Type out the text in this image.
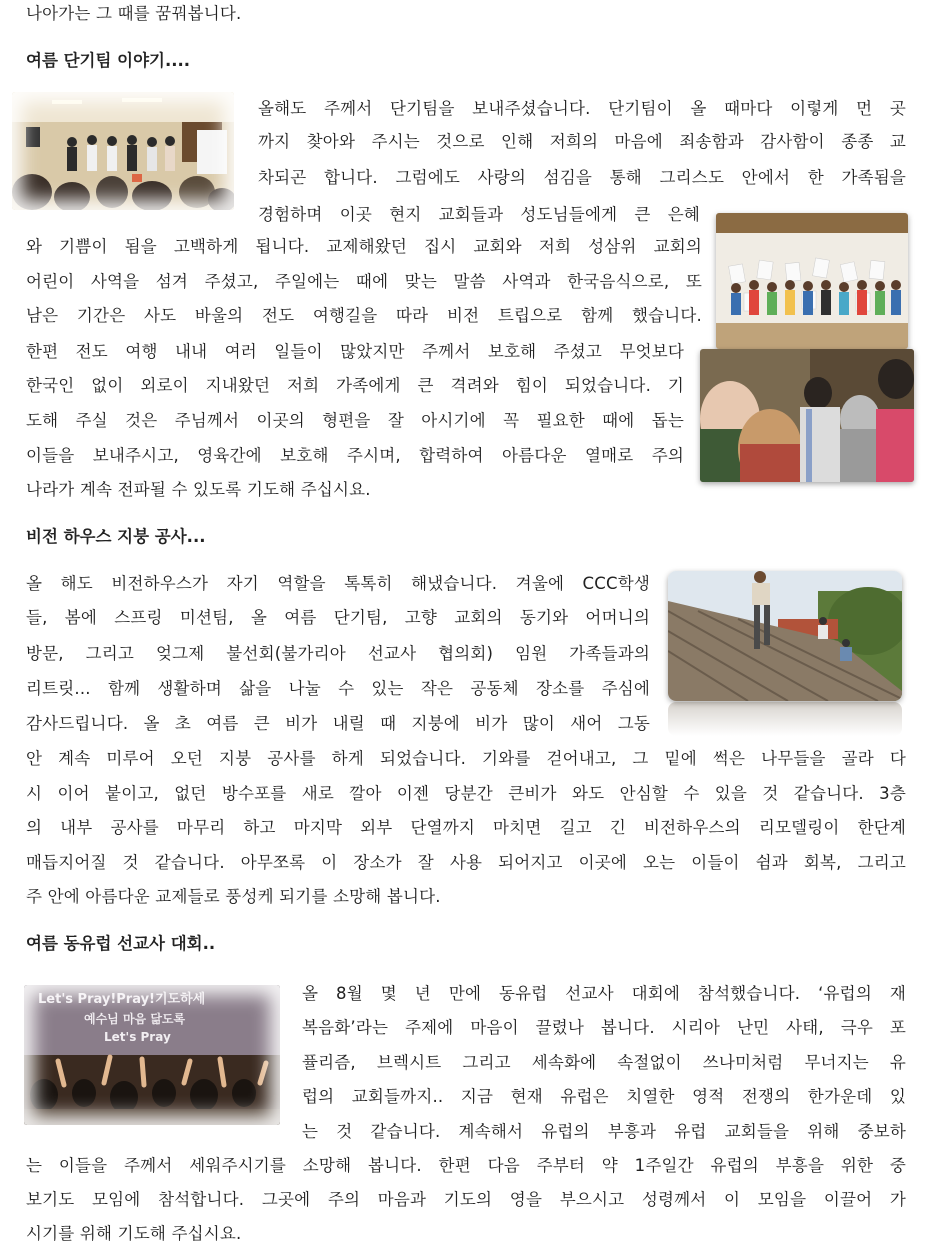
나아가는 그 때를 꿈꿔봅니다.
여름 단기팀 이야기....
올해도 주께서 단기팀을 보내주셨습니다. 단기팀이 올 때마다 이렇게 먼 곳
까지 찾아와 주시는 것으로 인해 저희의 마음에 죄송함과 감사함이 종종 교
차되곤 합니다. 그럼에도 사랑의 섬김을 통해 그리스도 안에서 한 가족됨을
경험하며 이곳 현지 교회들과 성도님들에게 큰 은혜
와 기쁨이 됨을 고백하게 됩니다. 교제해왔던 집시 교회와 저희 성삼위 교회의
어린이 사역을 섬겨 주셨고, 주일에는 때에 맞는 말씀 사역과 한국음식으로, 또
남은 기간은 사도 바울의 전도 여행길을 따라 비전 트립으로 함께 했습니다.
한편 전도 여행 내내 여러 일들이 많았지만 주께서 보호해 주셨고 무엇보다
한국인 없이 외로이 지내왔던 저희 가족에게 큰 격려와 힘이 되었습니다. 기
도해 주실 것은 주님께서 이곳의 형편을 잘 아시기에 꼭 필요한 때에 돕는
이들을 보내주시고, 영육간에 보호해 주시며, 합력하여 아름다운 열매로 주의
나라가 계속 전파될 수 있도록 기도해 주십시요.
비전 하우스 지붕 공사...
올 해도 비전하우스가 자기 역할을 톡톡히 해냈습니다. 겨울에 CCC학생
들, 봄에 스프링 미션팀, 올 여름 단기팀, 고향 교회의 동기와 어머니의
방문, 그리고 엊그제 불선회(불가리아 선교사 협의회) 임원 가족들과의
리트릿... 함께 생활하며 삶을 나눌 수 있는 작은 공동체 장소를 주심에
감사드립니다. 올 초 여름 큰 비가 내릴 때 지붕에 비가 많이 새어 그동
안 계속 미루어 오던 지붕 공사를 하게 되었습니다. 기와를 걷어내고, 그 밑에 썩은 나무들을 골라 다
시 이어 붙이고, 없던 방수포를 새로 깔아 이젠 당분간 큰비가 와도 안심할 수 있을 것 같습니다. 3층
의 내부 공사를 마무리 하고 마지막 외부 단열까지 마치면 길고 긴 비전하우스의 리모델링이 한단계
매듭지어질 것 같습니다. 아무쪼록 이 장소가 잘 사용 되어지고 이곳에 오는 이들이 쉼과 회복, 그리고
주 안에 아름다운 교제들로 풍성케 되기를 소망해 봅니다.
여름 동유럽 선교사 대회..
Let's Pray!Pray!기도하세
예수님 마음 닮도록
Let's Pray
올 8월 몇 년 만에 동유럽 선교사 대회에 참석했습니다. ‘유럽의 재
복음화’라는 주제에 마음이 끌렸나 봅니다. 시리아 난민 사태, 극우 포
퓰리즘, 브렉시트 그리고 세속화에 속절없이 쓰나미처럼 무너지는 유
럽의 교회들까지.. 지금 현재 유럽은 치열한 영적 전쟁의 한가운데 있
는 것 같습니다. 계속해서 유럽의 부흥과 유럽 교회들을 위해 중보하
는 이들을 주께서 세워주시기를 소망해 봅니다. 한편 다음 주부터 약 1주일간 유럽의 부흥을 위한 중
보기도 모임에 참석합니다. 그곳에 주의 마음과 기도의 영을 부으시고 성령께서 이 모임을 이끌어 가
시기를 위해 기도해 주십시요.
